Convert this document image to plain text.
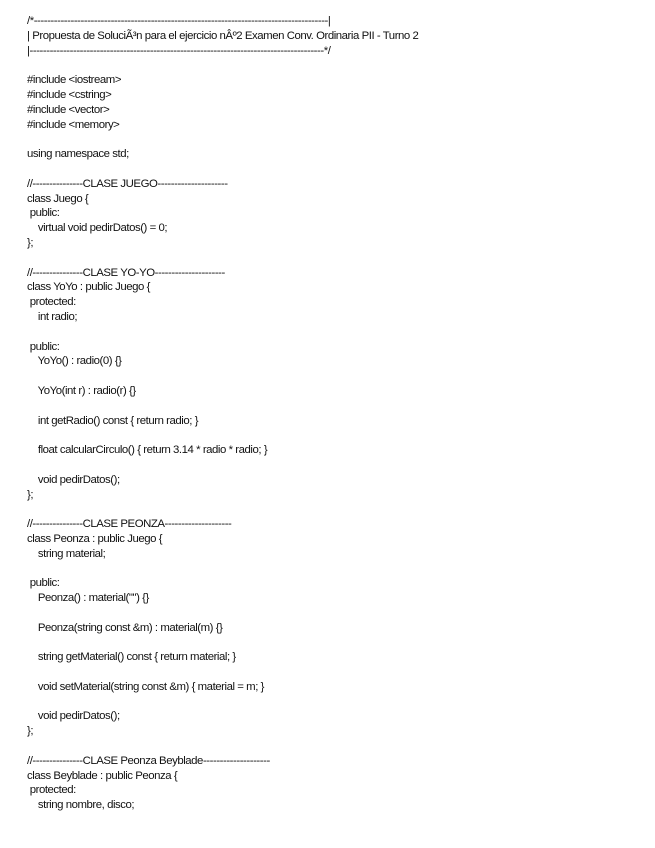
/*----------------------------------------------------------------------------------------|
| Propuesta de SoluciÃ³n para el ejercicio nÂº2 Examen Conv. Ordinaria PII - Turno 2
|----------------------------------------------------------------------------------------*/
#include <iostream>
#include <cstring>
#include <vector>
#include <memory>
using namespace std;
//---------------CLASE JUEGO---------------------
class Juego {
public:
virtual void pedirDatos() = 0;
};
//---------------CLASE YO-YO---------------------
class YoYo : public Juego {
protected:
int radio;
public:
YoYo() : radio(0) {}
YoYo(int r) : radio(r) {}
int getRadio() const { return radio; }
float calcularCirculo() { return 3.14 * radio * radio; }
void pedirDatos();
};
//---------------CLASE PEONZA--------------------
class Peonza : public Juego {
string material;
public:
Peonza() : material("") {}
Peonza(string const &m) : material(m) {}
string getMaterial() const { return material; }
void setMaterial(string const &m) { material = m; }
void pedirDatos();
};
//---------------CLASE Peonza Beyblade--------------------
class Beyblade : public Peonza {
protected:
string nombre, disco;
